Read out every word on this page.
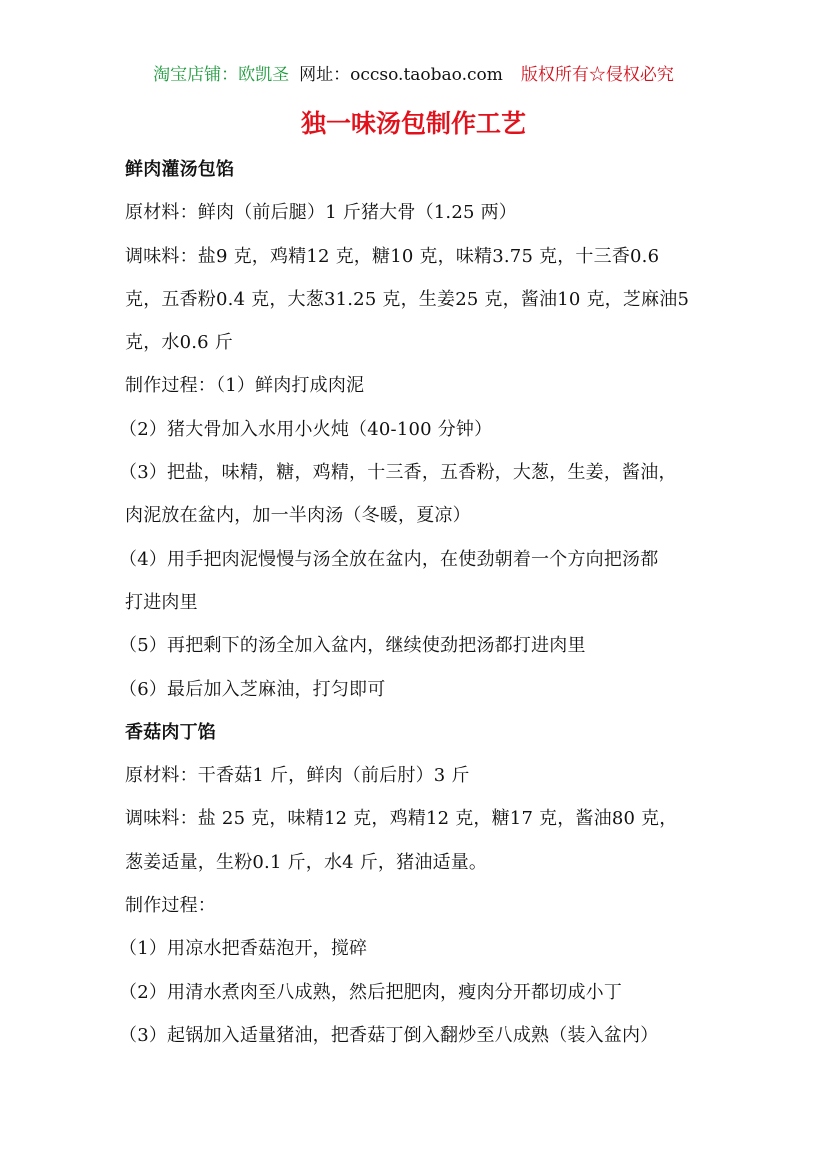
淘宝店铺：欧凯圣 网址：occso.taobao.com 版权所有☆侵权必究
独一味汤包制作工艺

鲜肉灌汤包馅

原材料：鲜肉（前后腿）1 斤猪大骨（1.25 两）

调味料：盐9 克，鸡精12 克，糖10 克，味精3.75 克，十三香0.6

克，五香粉0.4 克，大葱31.25 克，生姜25 克，酱油10 克，芝麻油5

克，水0.6 斤

制作过程：（1）鲜肉打成肉泥

（2）猪大骨加入水用小火炖（40-100 分钟）

（3）把盐，味精，糖，鸡精，十三香，五香粉，大葱，生姜，酱油，

肉泥放在盆内，加一半肉汤（冬暖，夏凉）

（4）用手把肉泥慢慢与汤全放在盆内，在使劲朝着一个方向把汤都

打进肉里

（5）再把剩下的汤全加入盆内，继续使劲把汤都打进肉里

（6）最后加入芝麻油，打匀即可

香菇肉丁馅

原材料：干香菇1 斤，鲜肉（前后肘）3 斤

调味料：盐 25 克，味精12 克，鸡精12 克，糖17 克，酱油80 克，

葱姜适量，生粉0.1 斤，水4 斤，猪油适量。

制作过程：

（1）用凉水把香菇泡开，搅碎

（2）用清水煮肉至八成熟，然后把肥肉，瘦肉分开都切成小丁

（3）起锅加入适量猪油，把香菇丁倒入翻炒至八成熟（装入盆内）
